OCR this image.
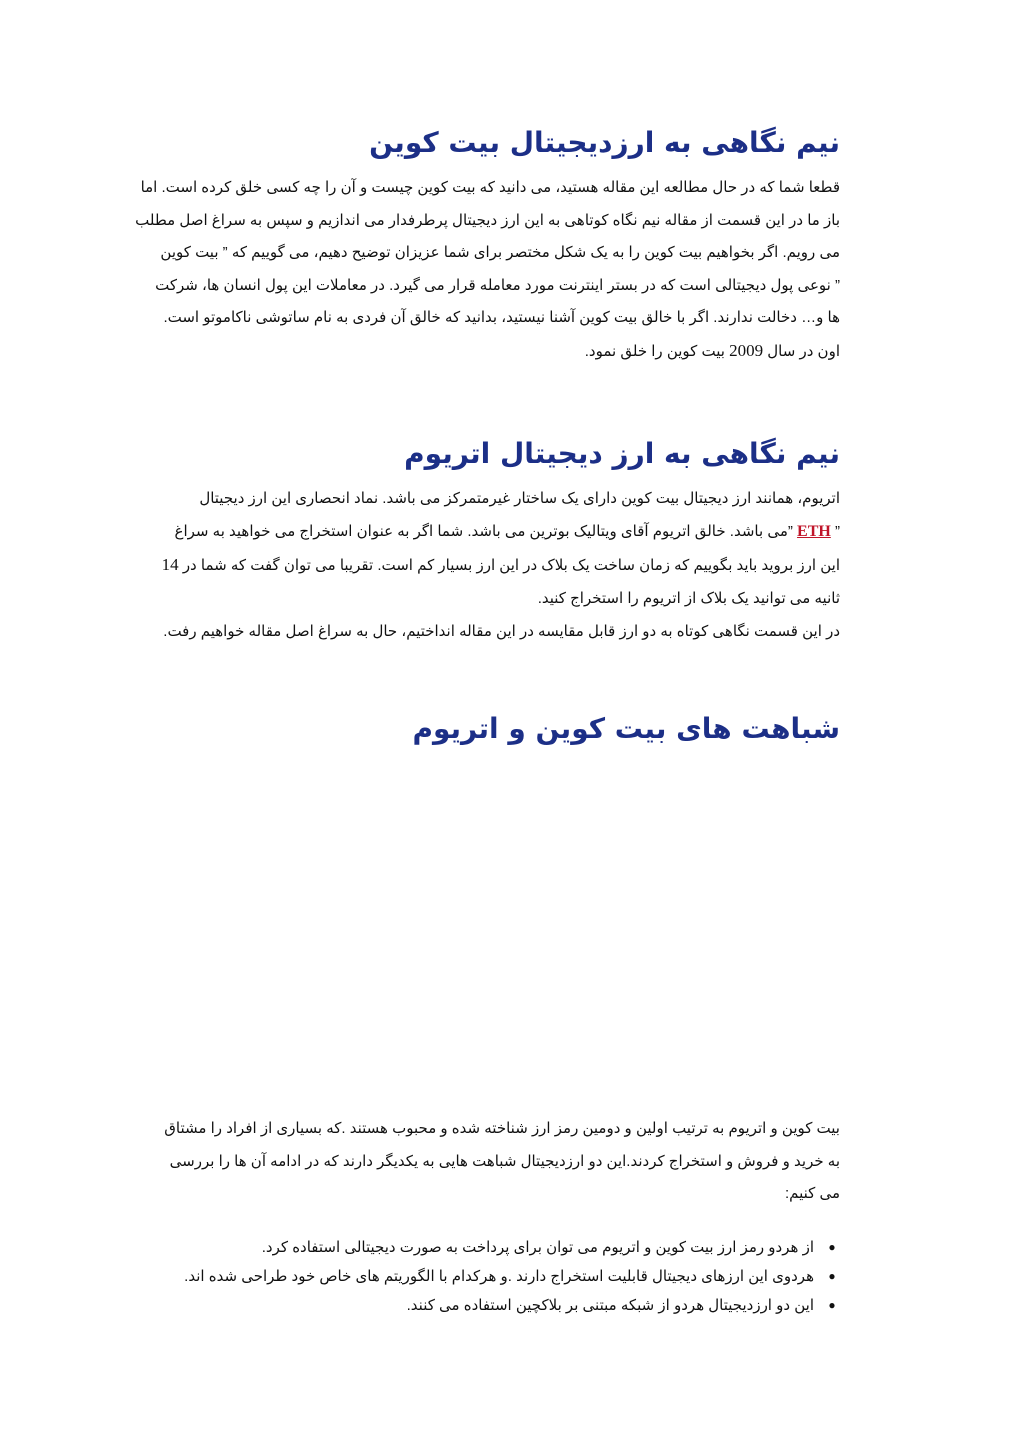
نیم نگاهی به ارزدیجیتال بیت کوین

قطعا شما که در حال مطالعه این مقاله هستید، می دانید که بیت کوین چیست و آن را چه کسی خلق کرده است. اما

باز ما در این قسمت از مقاله نیم نگاه کوتاهی به این ارز دیجیتال پرطرفدار می اندازیم و سپس به سراغ اصل مطلب

می رویم. اگر بخواهیم بیت کوین را به یک شکل مختصر برای شما عزیزان توضیح دهیم، می گوییم که ” بیت کوین

” نوعی پول دیجیتالی است که در بستر اینترنت مورد معامله قرار می گیرد. در معاملات این پول انسان ها، شرکت

ها و… دخالت ندارند. اگر با خالق بیت کوین آشنا نیستید، بدانید که خالق آن فردی به نام ساتوشی ناکاموتو است.

اون در سال 2009 بیت کوین را خلق نمود.

نیم نگاهی به ارز دیجیتال اتریوم

اتریوم، همانند ارز دیجیتال بیت کوین دارای یک ساختار غیرمتمرکز می باشد. نماد انحصاری این ارز دیجیتال

” ETH ”می باشد. خالق اتریوم آقای ویتالیک بوترین می باشد. شما اگر به عنوان استخراج می خواهید به سراغ

این ارز بروید باید بگوییم که زمان ساخت یک بلاک در این ارز بسیار کم است. تقریبا می توان گفت که شما در 14

ثانیه می توانید یک بلاک از اتریوم را استخراج کنید.

در این قسمت نگاهی کوتاه به دو ارز قابل مقایسه در این مقاله انداختیم، حال به سراغ اصل مقاله خواهیم رفت.

شباهت های بیت کوین و اتریوم

بیت کوین و اتریوم به ترتیب اولین و دومین رمز ارز شناخته شده و محبوب هستند .که بسیاری از افراد را مشتاق

به خرید و فروش و استخراج کردند.این دو ارزدیجیتال شباهت هایی به یکدیگر دارند که در ادامه آن ها را بررسی

می کنیم:

●
از هردو رمز ارز بیت کوین و اتریوم می توان برای پرداخت به صورت دیجیتالی استفاده کرد.
●
هردوی این ارزهای دیجیتال قابلیت استخراج دارند .و هرکدام با الگوریتم های خاص خود طراحی شده اند.
●
این دو ارزدیجیتال هردو از شبکه مبتنی بر بلاکچین استفاده می کنند.
